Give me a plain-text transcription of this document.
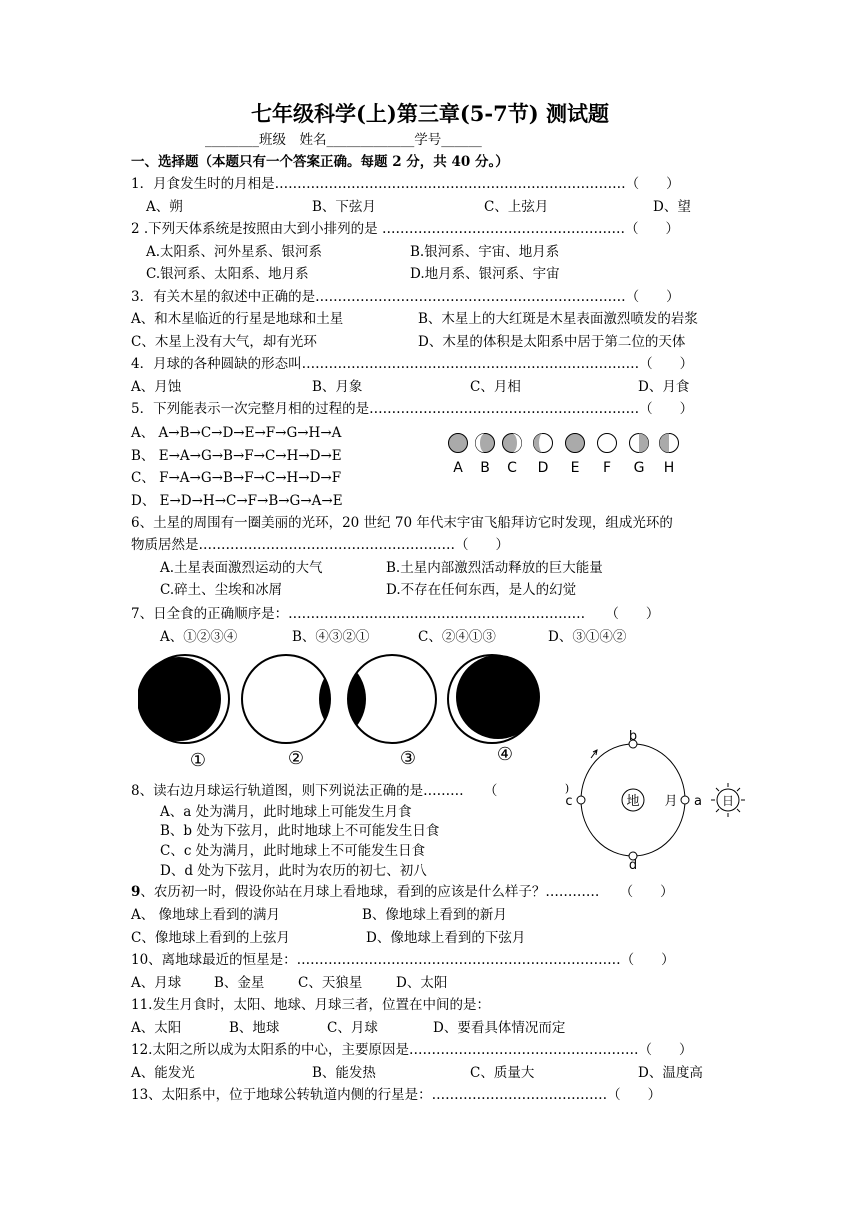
七年级科学(上)第三章(5-7节) 测试题
________班级　姓名_____________学号______
一、选择题（本题只有一个答案正确。每题 2 分，共 40 分。）
1．月食发生时的月相是……………………………………………………………………（　　）
A、朔	B、下弦月	C、上弦月	D、望
2 .下列天体系统是按照由大到小排列的是 ………………………………………………（　　）
A.太阳系、河外星系、银河系	B.银河系、宇宙、地月系
C.银河系、太阳系、地月系	D.地月系、银河系、宇宙
3．有关木星的叙述中正确的是……………………………………………………………（　　）
A、和木星临近的行星是地球和土星	B、木星上的大红斑是木星表面激烈喷发的岩浆
C、木星上没有大气，却有光环	D、木星的体积是太阳系中居于第二位的天体
4．月球的各种圆缺的形态叫…………………………………………………………………（　　）
A、月蚀	B、月象	C、月相	D、月食
5．下列能表示一次完整月相的过程的是……………………………………………………（　　）
A、 A→B→C→D→E→F→G→H→A
B、 E→A→G→B→F→C→H→D→E
C、 F→A→G→B→F→C→H→D→F
D、 E→D→H→C→F→B→G→A→E
A B C D E F G H
6、土星的周围有一圈美丽的光环，20 世纪 70 年代末宇宙飞船拜访它时发现，组成光环的
物质居然是…………………………………………………（　　）
A.土星表面激烈运动的大气	B.土星内部激烈活动释放的巨大能量
C.碎土、尘埃和冰屑	D.不存在任何东西，是人的幻觉
7、日全食的正确顺序是：…………………………………………………………　　（　　）
A、①②③④	B、④③②①	C、②④①③	D、③①④②
①	②	③	④
8、读右边月球运行轨道图，则下列说法正确的是………　　（
A、a 处为满月，此时地球上可能发生月食
B、b 处为下弦月，此时地球上不可能发生日食
C、c 处为满月，此时地球上不可能发生日食
D、d 处为下弦月，此时为农历的初七、初八
地
b
d
c
)
月 a 日
9、农历初一时，假设你站在月球上看地球，看到的应该是什么样子？…………　　（　　）
A、 像地球上看到的满月	B、像地球上看到的新月
C、像地球上看到的上弦月	D、像地球上看到的下弦月
10、离地球最近的恒星是：………………………………………………………………（　　）
A、月球 B、金星 C、天狼星 D、太阳
11.发生月食时，太阳、地球、月球三者，位置在中间的是：
A、太阳	B、地球	C、月球	D、要看具体情况而定
12.太阳之所以成为太阳系的中心，主要原因是……………………………………………（　　）
A、能发光	B、能发热	C、质量大	D、温度高
13、太阳系中，位于地球公转轨道内侧的行星是：…………………………………（　　）
